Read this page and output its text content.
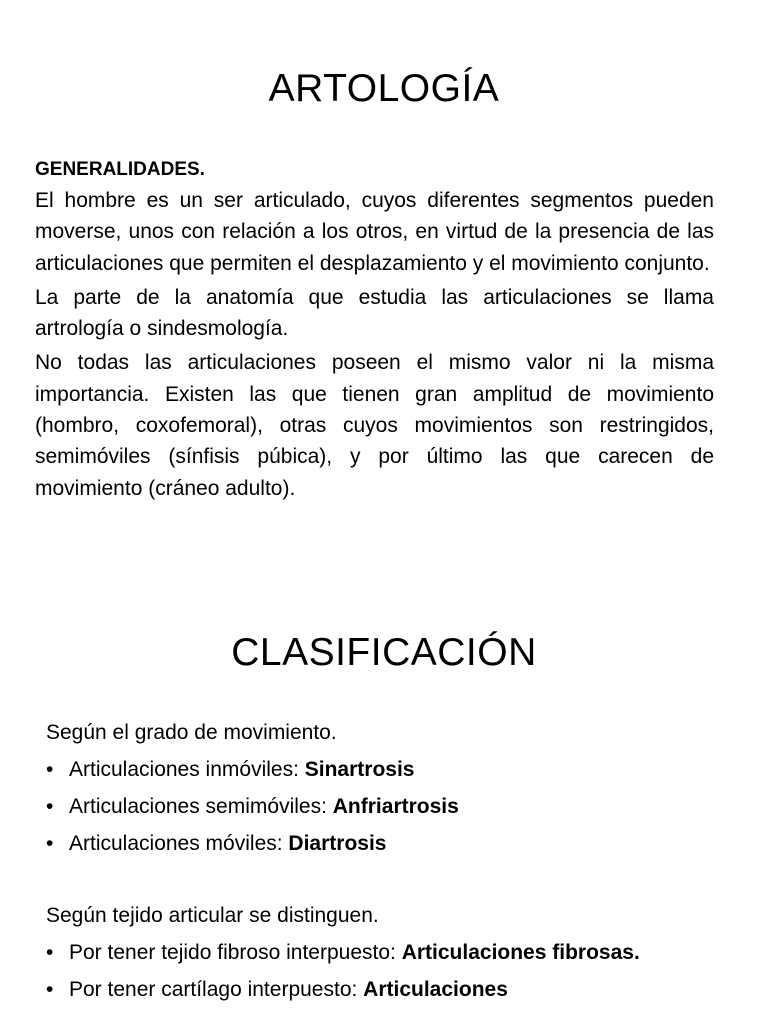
ARTOLOGÍA

GENERALIDADES.

El hombre es un ser articulado, cuyos diferentes segmentos pueden moverse, unos con relación a los otros, en virtud de la presencia de las articulaciones que permiten el desplazamiento y el movimiento conjunto.

La parte de la anatomía que estudia las articulaciones se llama artrología o sindesmología.

No todas las articulaciones poseen el mismo valor ni la misma importancia. Existen las que tienen gran amplitud de movimiento (hombro, coxofemoral), otras cuyos movimientos son restringidos, semimóviles (sínfisis púbica), y por último las que carecen de movimiento (cráneo adulto).

CLASIFICACIÓN

Según el grado de movimiento.

• Articulaciones inmóviles: Sinartrosis
• Articulaciones semimóviles: Anfriartrosis
• Articulaciones móviles: Diartrosis

Según tejido articular se distinguen.

• Por tener tejido fibroso interpuesto: Articulaciones fibrosas.
• Por tener cartílago interpuesto: Articulaciones
